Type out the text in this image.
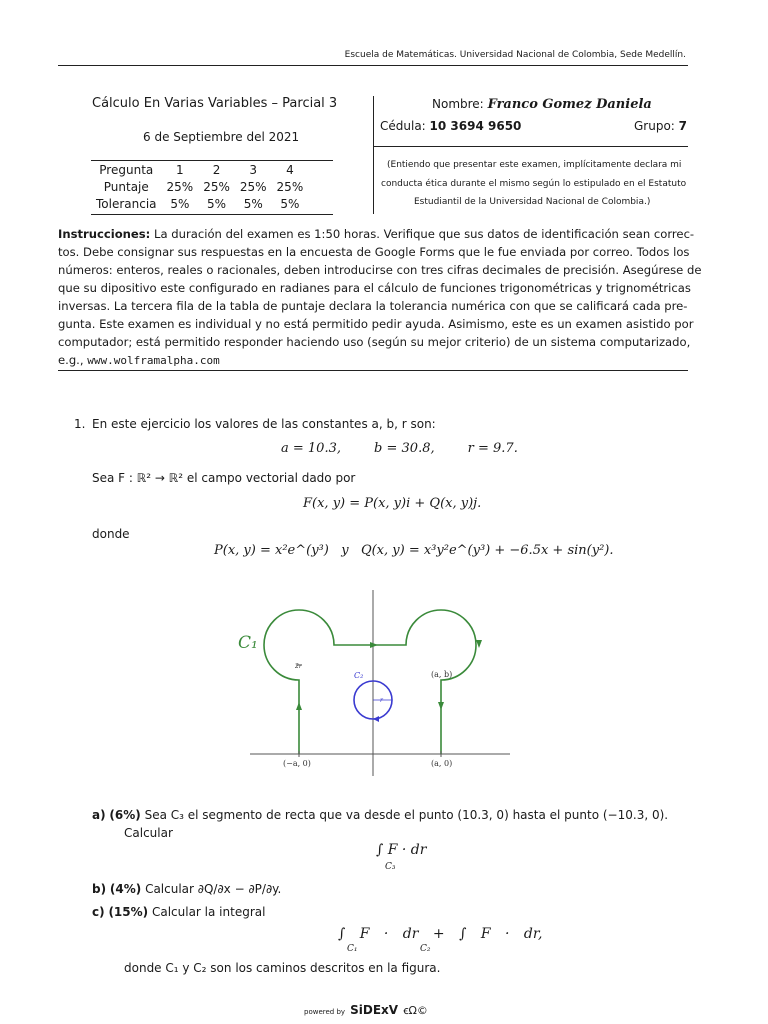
Escuela de Matemáticas. Universidad Nacional de Colombia, Sede Medellín.
Cálculo En Varias Variables – Parcial 3
6 de Septiembre del 2021
Pregunta	1	2	3	4
Puntaje	25%	25%	25%	25%
Tolerancia	5%	5%	5%	5%
Nombre: Franco Gomez Daniela
Cédula: 10 3694 9650	Grupo: 7
(Entiendo que presentar este examen, implícitamente declara mi
conducta ética durante el mismo según lo estipulado en el Estatuto
Estudiantil de la Universidad Nacional de Colombia.)
Instrucciones: La duración del examen es 1:50 horas. Verifique que sus datos de identificación sean correc-
tos. Debe consignar sus respuestas en la encuesta de Google Forms que le fue enviada por correo. Todos los
números: enteros, reales o racionales, deben introducirse con tres cifras decimales de precisión. Asegúrese de
que su dipositivo este configurado en radianes para el cálculo de funciones trigonométricas y trignométricas
inversas. La tercera fila de la tabla de puntaje declara la tolerancia numérica con que se calificará cada pre-
gunta. Este examen es individual y no está permitido pedir ayuda. Asimismo, este es un examen asistido por
computador; está permitido responder haciendo uso (según su mejor criterio) de un sistema computarizado,
e.g., www.wolframalpha.com
1. En este ejercicio los valores de las constantes a, b, r son:
a = 10.3,        b = 30.8,        r = 9.7.
Sea F : ℝ² → ℝ² el campo vectorial dado por
F(x, y) = P(x, y)i + Q(x, y)j.
donde
P(x, y) = x²e^(y³)   y   Q(x, y) = x³y²e^(y³) + −6.5x + sin(y²).
C₁
C₂
2r
r
(a, b)
(−a, 0)	(a, 0)
a) (6%) Sea C₃ el segmento de recta que va desde el punto (10.3, 0) hasta el punto (−10.3, 0).
Calcular
∫ F · dr
C₃
b) (4%) Calcular ∂Q/∂x − ∂P/∂y.
c) (15%) Calcular la integral
∫ F · dr + ∫ F · dr,
C₁	C₂
donde C₁ y C₂ son los caminos descritos en la figura.
powered by SiDExV ꞓΩ©
